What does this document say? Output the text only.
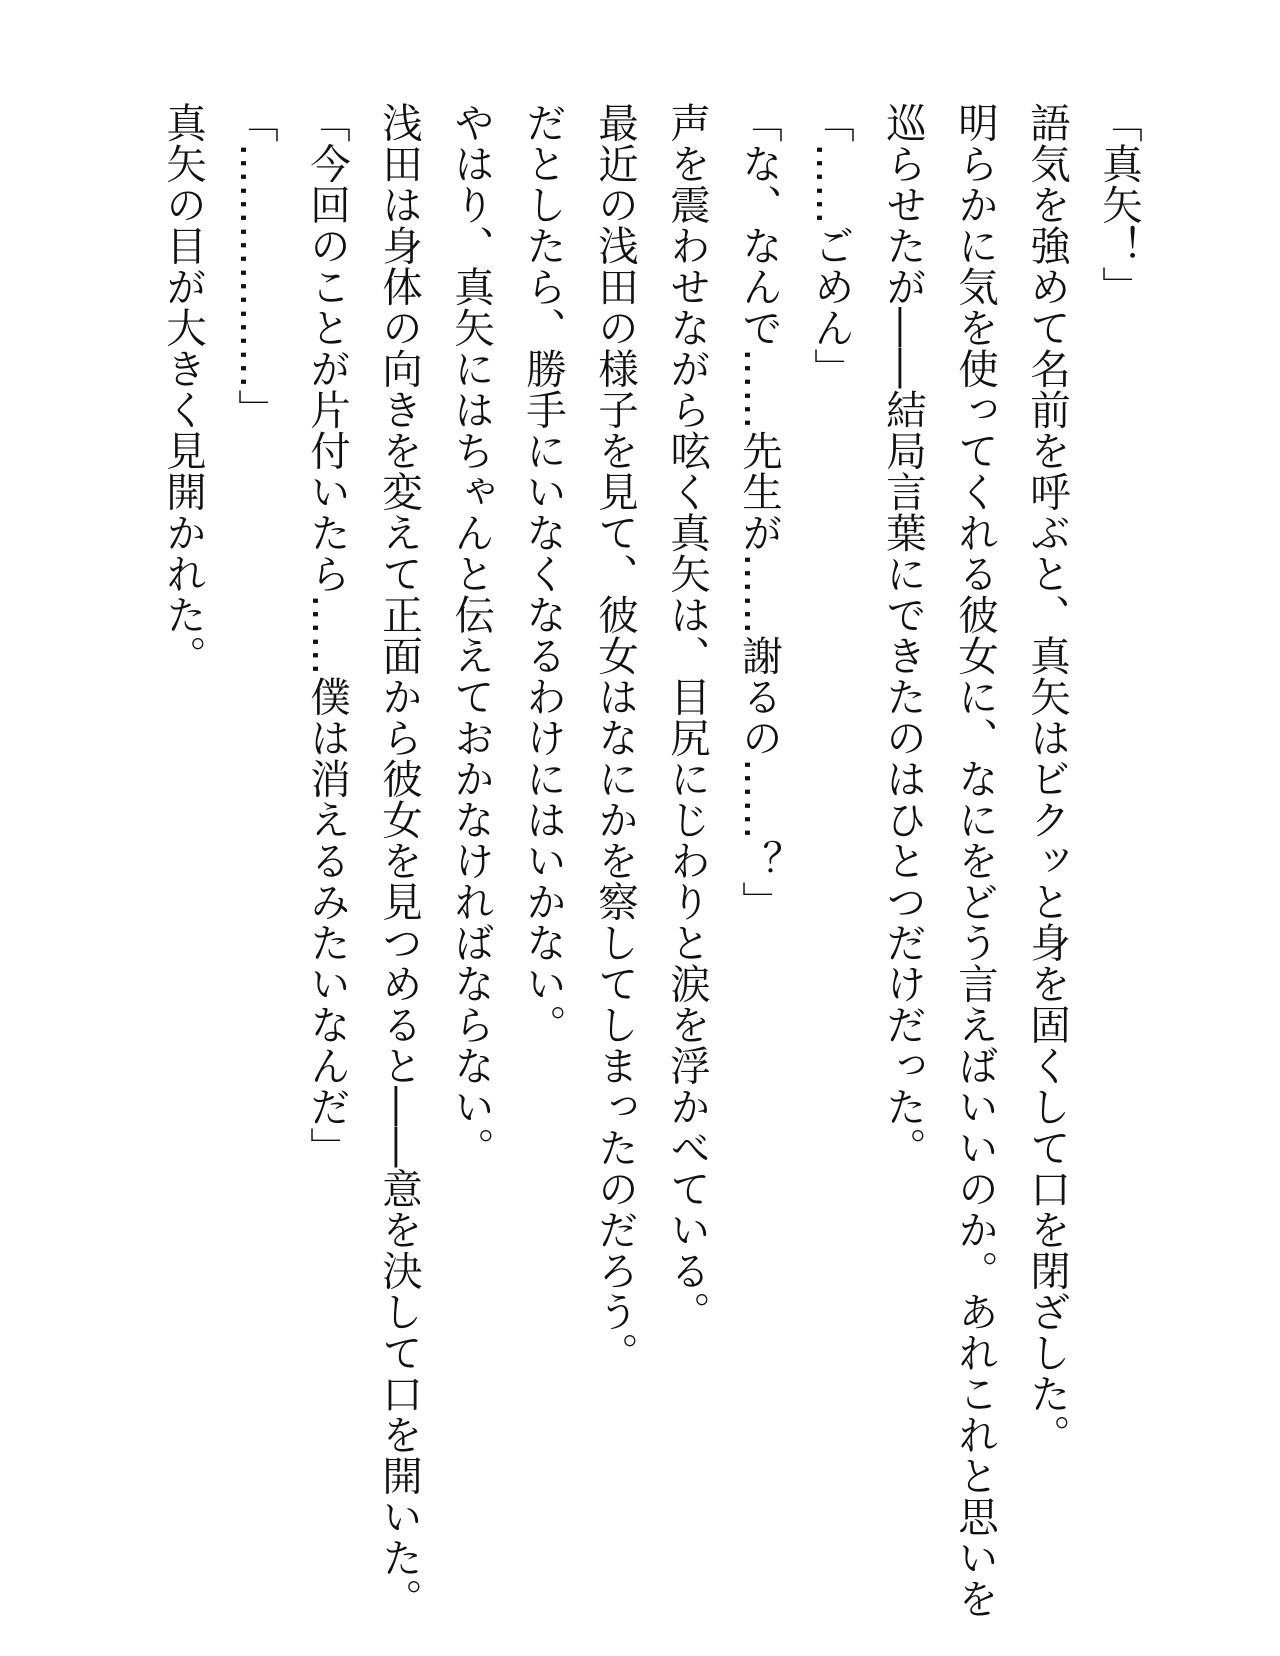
「真矢！」

語気を強めて名前を呼ぶと、真矢はビクッと身を固くして口を閉ざした。

明らかに気を使ってくれる彼女に、なにをどう言えばいいのか。あれこれと思いを巡らせたが――結局言葉にできたのはひとつだけだった。

「……ごめん」

「な、なんで……先生が……謝るの……？」

声を震わせながら呟く真矢は、目尻にじわりと涙を浮かべている。

最近の浅田の様子を見て、彼女はなにかを察してしまったのだろう。

だとしたら、勝手にいなくなるわけにはいかない。

やはり、真矢にはちゃんと伝えておかなければならない。

浅田は身体の向きを変えて正面から彼女を見つめると――意を決して口を開いた。

「今回のことが片付いたら……僕は消えるみたいなんだ」

「………………」

真矢の目が大きく見開かれた。
